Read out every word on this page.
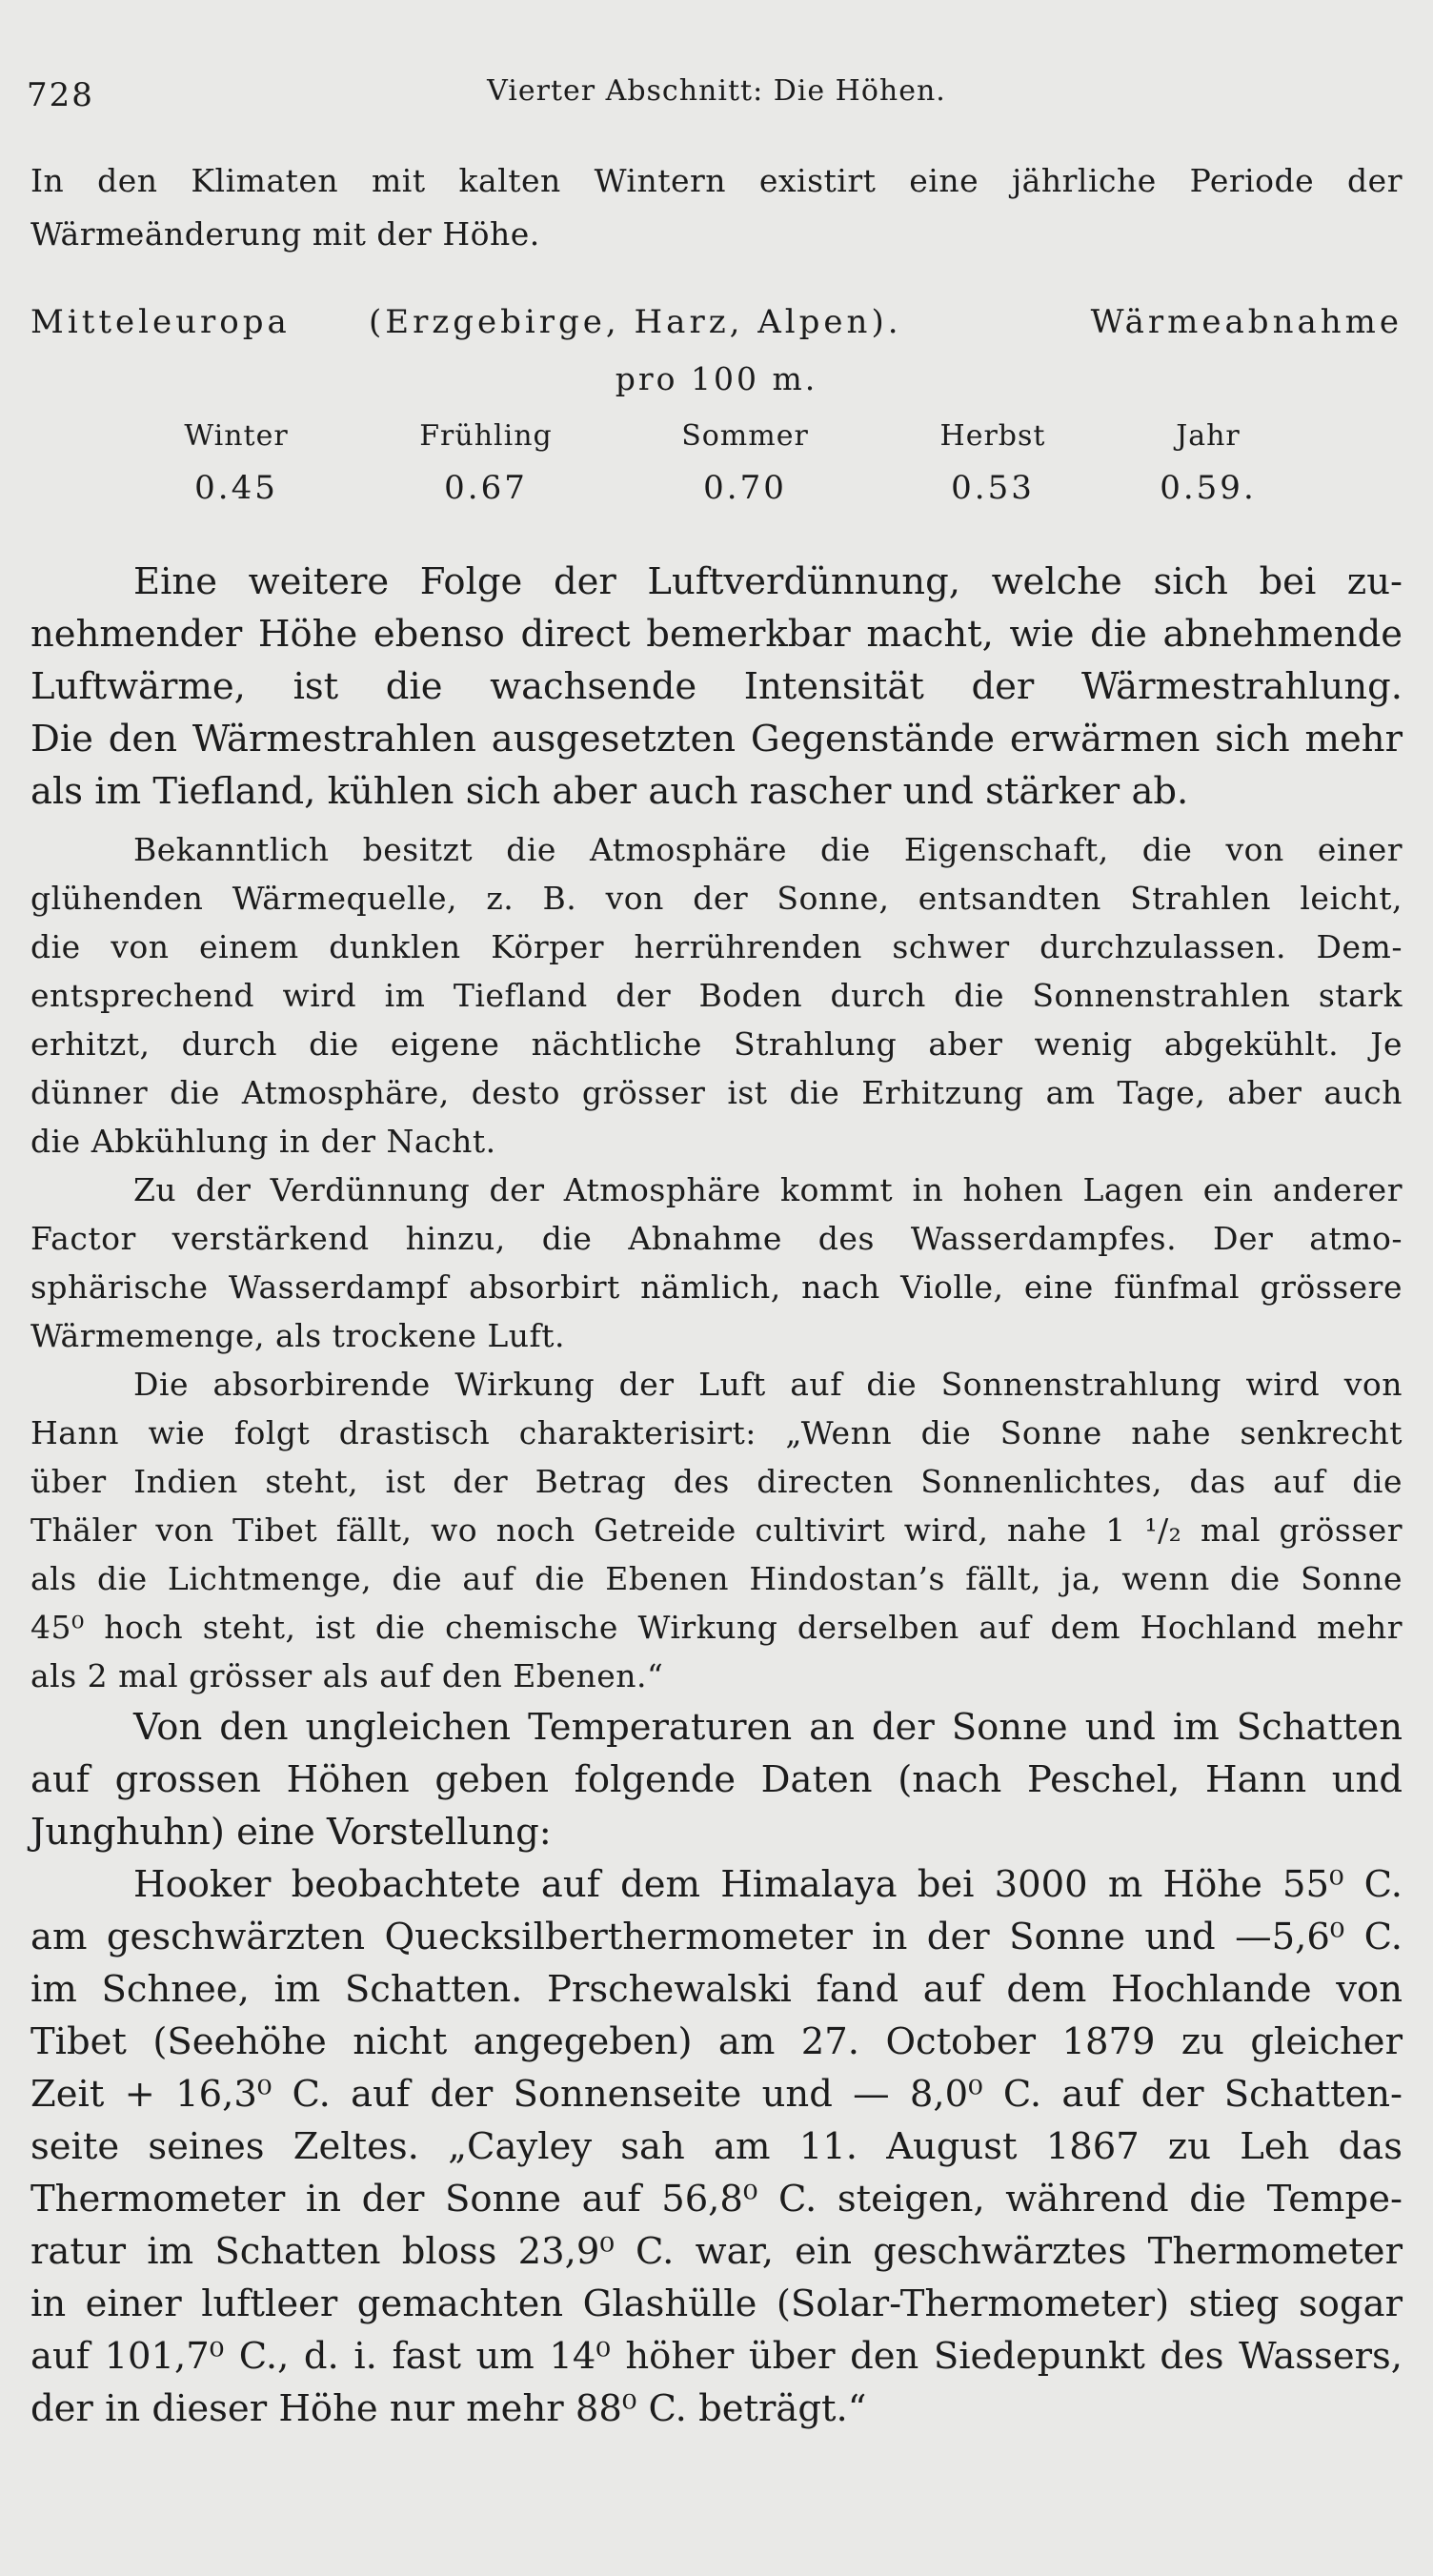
728	Vierter Abschnitt: Die Höhen.
In den Klimaten mit kalten Wintern existirt eine jährliche Periode der
Wärmeänderung mit der Höhe.
Mitteleuropa (Erzgebirge, Harz, Alpen).	Wärmeabnahme
pro 100 m.
Winter	Frühling	Sommer	Herbst	Jahr
0.45	0.67	0.70	0.53	0.59.
Eine weitere Folge der Luftverdünnung, welche sich bei zu-
nehmender Höhe ebenso direct bemerkbar macht, wie die abnehmende
Luftwärme, ist die wachsende Intensität der Wärmestrahlung.
Die den Wärmestrahlen ausgesetzten Gegenstände erwärmen sich mehr
als im Tiefland, kühlen sich aber auch rascher und stärker ab.
Bekanntlich besitzt die Atmosphäre die Eigenschaft, die von einer
glühenden Wärmequelle, z. B. von der Sonne, entsandten Strahlen leicht,
die von einem dunklen Körper herrührenden schwer durchzulassen. Dem-
entsprechend wird im Tiefland der Boden durch die Sonnenstrahlen stark
erhitzt, durch die eigene nächtliche Strahlung aber wenig abgekühlt. Je
dünner die Atmosphäre, desto grösser ist die Erhitzung am Tage, aber auch
die Abkühlung in der Nacht.
Zu der Verdünnung der Atmosphäre kommt in hohen Lagen ein anderer
Factor verstärkend hinzu, die Abnahme des Wasserdampfes. Der atmo-
sphärische Wasserdampf absorbirt nämlich, nach Violle, eine fünfmal grössere
Wärmemenge, als trockene Luft.
Die absorbirende Wirkung der Luft auf die Sonnenstrahlung wird von
Hann wie folgt drastisch charakterisirt: „Wenn die Sonne nahe senkrecht
über Indien steht, ist der Betrag des directen Sonnenlichtes, das auf die
Thäler von Tibet fällt, wo noch Getreide cultivirt wird, nahe 1 ¹/₂ mal grösser
als die Lichtmenge, die auf die Ebenen Hindostan’s fällt, ja, wenn die Sonne
45⁰ hoch steht, ist die chemische Wirkung derselben auf dem Hochland mehr
als 2 mal grösser als auf den Ebenen.“
Von den ungleichen Temperaturen an der Sonne und im Schatten
auf grossen Höhen geben folgende Daten (nach Peschel, Hann und
Junghuhn) eine Vorstellung:
Hooker beobachtete auf dem Himalaya bei 3000 m Höhe 55⁰ C.
am geschwärzten Quecksilberthermometer in der Sonne und —5,6⁰ C.
im Schnee, im Schatten. Prschewalski fand auf dem Hochlande von
Tibet (Seehöhe nicht angegeben) am 27. October 1879 zu gleicher
Zeit + 16,3⁰ C. auf der Sonnenseite und — 8,0⁰ C. auf der Schatten-
seite seines Zeltes. „Cayley sah am 11. August 1867 zu Leh das
Thermometer in der Sonne auf 56,8⁰ C. steigen, während die Tempe-
ratur im Schatten bloss 23,9⁰ C. war, ein geschwärztes Thermometer
in einer luftleer gemachten Glashülle (Solar-Thermometer) stieg sogar
auf 101,7⁰ C., d. i. fast um 14⁰ höher über den Siedepunkt des Wassers,
der in dieser Höhe nur mehr 88⁰ C. beträgt.“
